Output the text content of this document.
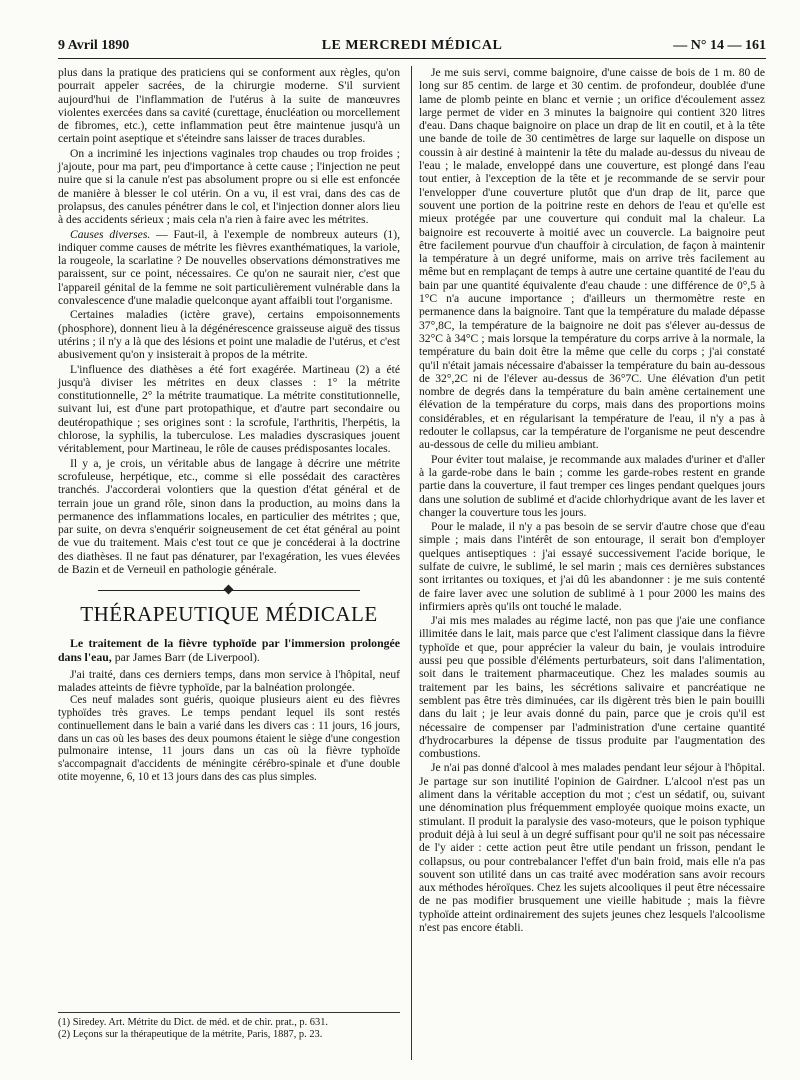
9 Avril 1890	LE MERCREDI MÉDICAL	— N° 14 — 161

plus dans la pratique des praticiens qui se conforment aux règles, qu'on pourrait appeler sacrées, de la chirurgie moderne. S'il survient aujourd'hui de l'inflammation de l'utérus à la suite de manœuvres violentes exercées dans sa cavité (curettage, énucléation ou morcellement de fibromes, etc.), cette inflammation peut être maintenue jusqu'à un certain point aseptique et s'éteindre sans laisser de traces durables.

On a incriminé les injections vaginales trop chaudes ou trop froides ; j'ajoute, pour ma part, peu d'importance à cette cause ; l'injection ne peut nuire que si la canule n'est pas absolument propre ou si elle est enfoncée de manière à blesser le col utérin. On a vu, il est vrai, dans des cas de prolapsus, des canules pénétrer dans le col, et l'injection donner alors lieu à des accidents sérieux ; mais cela n'a rien à faire avec les métrites.

Causes diverses. — Faut-il, à l'exemple de nombreux auteurs (1), indiquer comme causes de métrite les fièvres exanthématiques, la variole, la rougeole, la scarlatine ? De nouvelles observations démonstratives me paraissent, sur ce point, nécessaires. Ce qu'on ne saurait nier, c'est que l'appareil génital de la femme ne soit particulièrement vulnérable dans la convalescence d'une maladie quelconque ayant affaibli tout l'organisme.

Certaines maladies (ictère grave), certains empoisonnements (phosphore), donnent lieu à la dégénérescence graisseuse aiguë des tissus utérins ; il n'y a là que des lésions et point une maladie de l'utérus, et c'est abusivement qu'on y insisterait à propos de la métrite.

L'influence des diathèses a été fort exagérée. Martineau (2) a été jusqu'à diviser les métrites en deux classes : 1° la métrite constitutionnelle, 2° la métrite traumatique. La métrite constitutionnelle, suivant lui, est d'une part protopathique, et d'autre part secondaire ou deutéropathique ; ses origines sont : la scrofule, l'arthritis, l'herpétis, la chlorose, la syphilis, la tuberculose. Les maladies dyscrasiques jouent véritablement, pour Martineau, le rôle de causes prédisposantes locales.

Il y a, je crois, un véritable abus de langage à décrire une métrite scrofuleuse, herpétique, etc., comme si elle possédait des caractères tranchés. J'accorderai volontiers que la question d'état général et de terrain joue un grand rôle, sinon dans la production, au moins dans la permanence des inflammations locales, en particulier des métrites ; que, par suite, on devra s'enquérir soigneusement de cet état général au point de vue du traitement. Mais c'est tout ce que je concéderai à la doctrine des diathèses. Il ne faut pas dénaturer, par l'exagération, les vues élevées de Bazin et de Verneuil en pathologie générale.

THÉRAPEUTIQUE MÉDICALE

Le traitement de la fièvre typhoïde par l'immersion prolongée dans l'eau, par James Barr (de Liverpool).

J'ai traité, dans ces derniers temps, dans mon service à l'hôpital, neuf malades atteints de fièvre typhoïde, par la balnéation prolongée.

Ces neuf malades sont guéris, quoique plusieurs aient eu des fièvres typhoïdes très graves. Le temps pendant lequel ils sont restés continuellement dans le bain a varié dans les divers cas : 11 jours, 16 jours, dans un cas où les bases des deux poumons étaient le siège d'une congestion pulmonaire intense, 11 jours dans un cas où la fièvre typhoïde s'accompagnait d'accidents de méningite cérébro-spinale et d'une double otite moyenne, 6, 10 et 13 jours dans des cas plus simples.

(1) Siredey. Art. Métrite du Dict. de méd. et de chir. prat., p. 631.

(2) Leçons sur la thérapeutique de la métrite, Paris, 1887, p. 23.

Je me suis servi, comme baignoire, d'une caisse de bois de 1 m. 80 de long sur 85 centim. de large et 30 centim. de profondeur, doublée d'une lame de plomb peinte en blanc et vernie ; un orifice d'écoulement assez large permet de vider en 3 minutes la baignoire qui contient 320 litres d'eau. Dans chaque baignoire on place un drap de lit en coutil, et à la tête une bande de toile de 30 centimètres de large sur laquelle on dispose un coussin à air destiné à maintenir la tête du malade au-dessus du niveau de l'eau ; le malade, enveloppé dans une couverture, est plongé dans l'eau tout entier, à l'exception de la tête et je recommande de se servir pour l'envelopper d'une couverture plutôt que d'un drap de lit, parce que souvent une portion de la poitrine reste en dehors de l'eau et qu'elle est mieux protégée par une couverture qui conduit mal la chaleur. La baignoire est recouverte à moitié avec un couvercle. La baignoire peut être facilement pourvue d'un chauffoir à circulation, de façon à maintenir la température à un degré uniforme, mais on arrive très facilement au même but en remplaçant de temps à autre une certaine quantité de l'eau du bain par une quantité équivalente d'eau chaude : une différence de 0°,5 à 1°C n'a aucune importance ; d'ailleurs un thermomètre reste en permanence dans la baignoire. Tant que la température du malade dépasse 37°,8C, la température de la baignoire ne doit pas s'élever au-dessus de 32°C à 34°C ; mais lorsque la température du corps arrive à la normale, la température du bain doit être la même que celle du corps ; j'ai constaté qu'il n'était jamais nécessaire d'abaisser la température du bain au-dessous de 32°,2C ni de l'élever au-dessus de 36°7C. Une élévation d'un petit nombre de degrés dans la température du bain amène certainement une élévation de la température du corps, mais dans des proportions moins considérables, et en régularisant la température de l'eau, il n'y a pas à redouter le collapsus, car la température de l'organisme ne peut descendre au-dessous de celle du milieu ambiant.

Pour éviter tout malaise, je recommande aux malades d'uriner et d'aller à la garde-robe dans le bain ; comme les garde-robes restent en grande partie dans la couverture, il faut tremper ces linges pendant quelques jours dans une solution de sublimé et d'acide chlorhydrique avant de les laver et changer la couverture tous les jours.

Pour le malade, il n'y a pas besoin de se servir d'autre chose que d'eau simple ; mais dans l'intérêt de son entourage, il serait bon d'employer quelques antiseptiques : j'ai essayé successivement l'acide borique, le sulfate de cuivre, le sublimé, le sel marin ; mais ces dernières substances sont irritantes ou toxiques, et j'ai dû les abandonner : je me suis contenté de faire laver avec une solution de sublimé à 1 pour 2000 les mains des infirmiers après qu'ils ont touché le malade.

J'ai mis mes malades au régime lacté, non pas que j'aie une confiance illimitée dans le lait, mais parce que c'est l'aliment classique dans la fièvre typhoïde et que, pour apprécier la valeur du bain, je voulais introduire aussi peu que possible d'éléments perturbateurs, soit dans l'alimentation, soit dans le traitement pharmaceutique. Chez les malades soumis au traitement par les bains, les sécrétions salivaire et pancréatique ne semblent pas être très diminuées, car ils digèrent très bien le pain bouilli dans du lait ; je leur avais donné du pain, parce que je crois qu'il est nécessaire de compenser par l'administration d'une certaine quantité d'hydrocarbures la dépense de tissus produite par l'augmentation des combustions.

Je n'ai pas donné d'alcool à mes malades pendant leur séjour à l'hôpital. Je partage sur son inutilité l'opinion de Gairdner. L'alcool n'est pas un aliment dans la véritable acception du mot ; c'est un sédatif, ou, suivant une dénomination plus fréquemment employée quoique moins exacte, un stimulant. Il produit la paralysie des vaso-moteurs, que le poison typhique produit déjà à lui seul à un degré suffisant pour qu'il ne soit pas nécessaire de l'y aider : cette action peut être utile pendant un frisson, pendant le collapsus, ou pour contrebalancer l'effet d'un bain froid, mais elle n'a pas souvent son utilité dans un cas traité avec modération sans avoir recours aux méthodes héroïques. Chez les sujets alcooliques il peut être nécessaire de ne pas modifier brusquement une vieille habitude ; mais la fièvre typhoïde atteint ordinairement des sujets jeunes chez lesquels l'alcoolisme n'est pas encore établi.
